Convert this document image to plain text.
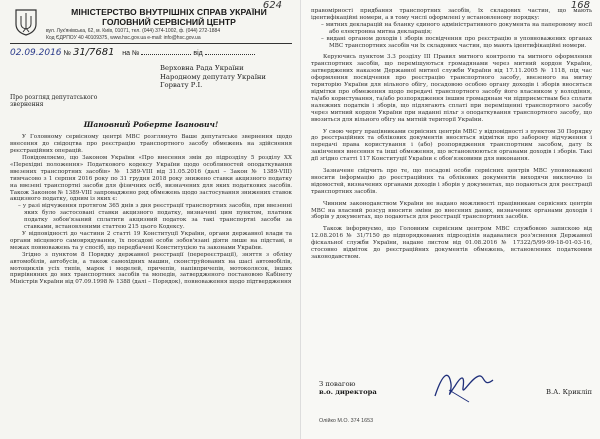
624
МІНІСТЕРСТВО ВНУТРІШНІХ СПРАВ УКРАЇНИ
ГОЛОВНИЙ СЕРВІСНИЙ ЦЕНТР
вул. Лук'янівська, 62, м. Київ, 01071, тел. (044) 374-1002, ф. (044) 272-1884
Код ЄДРПОУ 40 40109375, www.hsc.gov.ua e-mail: info@hsc.gov.ua
02.09.2016 № 31/7681 на №	від
Верховна Рада України
Народному депутату України
Горвату Р.І.
Про розгляд депутатського
звернення
Шановний Роберте Іванович!

У Головному сервісному центрі МВС розглянуто Вашe депутатське звернення щодо внесення до свідоцтва про реєстрацію транспортного засобу обмежень на здійснення реєстраційних операцій.

Повідомляємо, що Законом України «Про внесення змін до підрозділу 5 розділу XX «Перехідні положення» Податкового кодексу України щодо особливостей оподаткування ввезених транспортних засобів» № 1389-VIII від 31.05.2016 (далі – Закон № 1389-VIII) тимчасово з 1 серпня 2016 року по 31 грудня 2018 року знижено ставки акцизного податку на ввезені транспортні засоби для фізичних осіб, визначених для яких податкових засобів. Також Законом № 1389-VIII запроваджено ряд обмежень щодо застосування знижених ставок акцизного податку, одним із яких є:

– у разі відчуження протягом 365 днів з дня реєстрації транспортних засобів, при ввезенні яких було застосовані ставки акцизного податку, визначені цим пунктом, платник податку зобов'язаний сплатити акцизний податок за такі транспортні засоби за ставками, встановленими статтею 215 цього Кодексу.

У відповідності до частини 2 статті 19 Конституції України, органи державної влади та органи місцевого самоврядування, їх посадові особи зобов'язані діяти лише на підставі, в межах повноважень та у спосіб, що передбачені Конституцією та законами України.

Згідно з пунктом 8 Порядку державної реєстрації (перереєстрації), зняття з обліку автомобілів, автобусів, а також самохідних машин, сконструйованих на шасі автомобілів, мотоциклів усіх типів, марок і моделей, причепів, напівпричепів, мотоколясок, інших прирівняних до них транспортних засобів та мопедів, затвердженого постановою Кабінету Міністрів України від 07.09.1998 № 1388 (далі – Порядок), повноваження щодо підтвердження

168

правомірності придбання транспортних засобів, їх складових частин, що мають ідентифікаційні номери, а в тому числі оформлені у встановленому порядку:

– митних декларацій на бланку єдиного адміністративного документа на паперовому носії або електронна митна декларація;

– видані органом доходів і зборів посвідчення про реєстрацію в уповноважених органах МВС транспортних засобів чи їх складових частин, що мають ідентифікаційні номери.

Керуючись пунктом 3.3 розділу III Правил митного контролю та митного оформлення транспортних засобів, що переміщуються громадянами через митний кордон України, затверджених наказом Державної митної служби України від 17.11.2005 № 1118, під час оформлення посвідчення про реєстрацію транспортного засобу, ввезеного на митну територію України для вільного обігу, посадовою особою органу доходів і зборів вносяться відмітки про обмеження щодо передачі транспортного засобу його власником у володіння, та/або користування, та/або розпорядження іншим громадянам чи підприємствам без сплати належних податків і зборів, що підлягають сплаті при переміщенні транспортного засобу через митний кордон України при наданні пільг з оподаткування транспортного засобу, що ввозиться для вільного обігу на митній території України.

У свою чергу працівниками сервісних центрів МВС у відповідності з пунктом 30 Порядку до реєстраційних та облікових документів вносяться відмітки про заборону відчуження і передачі права користування і (або) розпорядження транспортним засобом, дату їх закінчення внесення та інші обмеження, що встановлюються органами доходів і зборів. Такі дії згідно статті 117 Конституції України є обов'язковими для виконання.

Зазначене свідчить про те, що посадові особи сервісних центрів МВС уповноважені вносити інформацію до реєстраційних та облікових документів виходячи виключно із відомостей, визначених органами доходів і зборів у документах, що подаються для реєстрації транспортних засобів.

Чинним законодавством України не надано можливості працівникам сервісних центрів МВС на власний розсуд вносити зміни до внесених даних, визначених органами доходів і зборів у документах, що подаються для реєстрації транспортних засобів.

Також інформуємо, що Головним сервісним центром МВС службовою запискою від 12.08.2016 № 31/7150 до підпорядкованих підрозділів надавалися роз'яснення Державної фіскальної служби України, надане листом від 01.08.2016 № 17322/5/99-99-18-01-03-16, стосовно відміток до реєстраційних документів обмежень, встановлених податковим законодавством.

З повагою
в.о. директора	В.А. Крикліп
Олійко М.О. 374 1653
